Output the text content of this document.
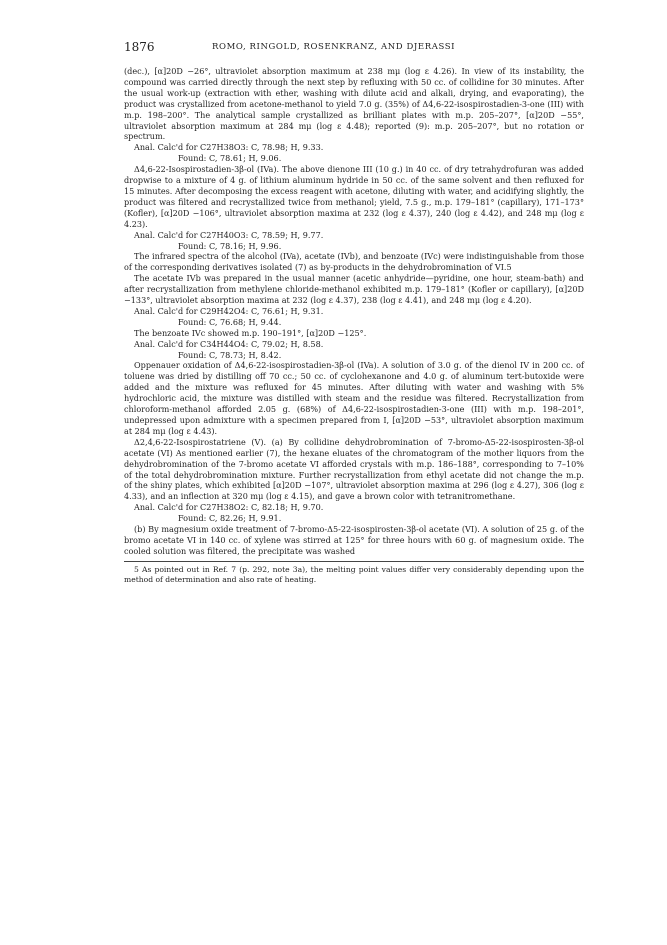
1876	ROMO, RINGOLD, ROSENKRANZ, AND DJERASSI

(dec.), [α]20D −26°, ultraviolet absorption maximum at 238 mμ (log ε 4.26). In view of its instability, the compound was carried directly through the next step by refluxing with 50 cc. of collidine for 30 minutes. After the usual work-up (extraction with ether, washing with dilute acid and alkali, drying, and evaporating), the product was crystallized from acetone-methanol to yield 7.0 g. (35%) of Δ4,6-22-isospirostadien-3-one (III) with m.p. 198–200°. The analytical sample crystallized as brilliant plates with m.p. 205–207°, [α]20D −55°, ultraviolet absorption maximum at 284 mμ (log ε 4.48); reported (9): m.p. 205–207°, but no rotation or spectrum.

Anal. Calc'd for C27H38O3: C, 78.98; H, 9.33.

Found: C, 78.61; H, 9.06.

Δ4,6-22-Isospirostadien-3β-ol (IVa). The above dienone III (10 g.) in 40 cc. of dry tetrahydrofuran was added dropwise to a mixture of 4 g. of lithium aluminum hydride in 50 cc. of the same solvent and then refluxed for 15 minutes. After decomposing the excess reagent with acetone, diluting with water, and acidifying slightly, the product was filtered and recrystallized twice from methanol; yield, 7.5 g., m.p. 179–181° (capillary), 171–173° (Kofler), [α]20D −106°, ultraviolet absorption maxima at 232 (log ε 4.37), 240 (log ε 4.42), and 248 mμ (log ε 4.23).

Anal. Calc'd for C27H40O3: C, 78.59; H, 9.77.

Found: C, 78.16; H, 9.96.

The infrared spectra of the alcohol (IVa), acetate (IVb), and benzoate (IVc) were indistinguishable from those of the corresponding derivatives isolated (7) as by-products in the dehydrobromination of VI.5

The acetate IVb was prepared in the usual manner (acetic anhydride—pyridine, one hour, steam-bath) and after recrystallization from methylene chloride-methanol exhibited m.p. 179–181° (Kofler or capillary), [α]20D −133°, ultraviolet absorption maxima at 232 (log ε 4.37), 238 (log ε 4.41), and 248 mμ (log ε 4.20).

Anal. Calc'd for C29H42O4: C, 76.61; H, 9.31.

Found: C, 76.68; H, 9.44.

The benzoate IVc showed m.p. 190–191°, [α]20D −125°.

Anal. Calc'd for C34H44O4: C, 79.02; H, 8.58.

Found: C, 78.73; H, 8.42.

Oppenauer oxidation of Δ4,6-22-isospirostadien-3β-ol (IVa). A solution of 3.0 g. of the dienol IV in 200 cc. of toluene was dried by distilling off 70 cc.; 50 cc. of cyclohexanone and 4.0 g. of aluminum tert-butoxide were added and the mixture was refluxed for 45 minutes. After diluting with water and washing with 5% hydrochloric acid, the mixture was distilled with steam and the residue was filtered. Recrystallization from chloroform-methanol afforded 2.05 g. (68%) of Δ4,6-22-isospirostadien-3-one (III) with m.p. 198–201°, undepressed upon admixture with a specimen prepared from I, [α]20D −53°, ultraviolet absorption maximum at 284 mμ (log ε 4.43).

Δ2,4,6-22-Isospirostatriene (V). (a) By collidine dehydrobromination of 7-bromo-Δ5-22-isospirosten-3β-ol acetate (VI) As mentioned earlier (7), the hexane eluates of the chromatogram of the mother liquors from the dehydrobromination of the 7-bromo acetate VI afforded crystals with m.p. 186–188°, corresponding to 7–10% of the total dehydrobromination mixture. Further recrystallization from ethyl acetate did not change the m.p. of the shiny plates, which exhibited [α]20D −107°, ultraviolet absorption maxima at 296 (log ε 4.27), 306 (log ε 4.33), and an inflection at 320 mμ (log ε 4.15), and gave a brown color with tetranitromethane.

Anal. Calc'd for C27H38O2: C, 82.18; H, 9.70.

Found: C, 82.26; H, 9.91.

(b) By magnesium oxide treatment of 7-bromo-Δ5-22-isospirosten-3β-ol acetate (VI). A solution of 25 g. of the bromo acetate VI in 140 cc. of xylene was stirred at 125° for three hours with 60 g. of magnesium oxide. The cooled solution was filtered, the precipitate was washed

5 As pointed out in Ref. 7 (p. 292, note 3a), the melting point values differ very considerably depending upon the method of determination and also rate of heating.
